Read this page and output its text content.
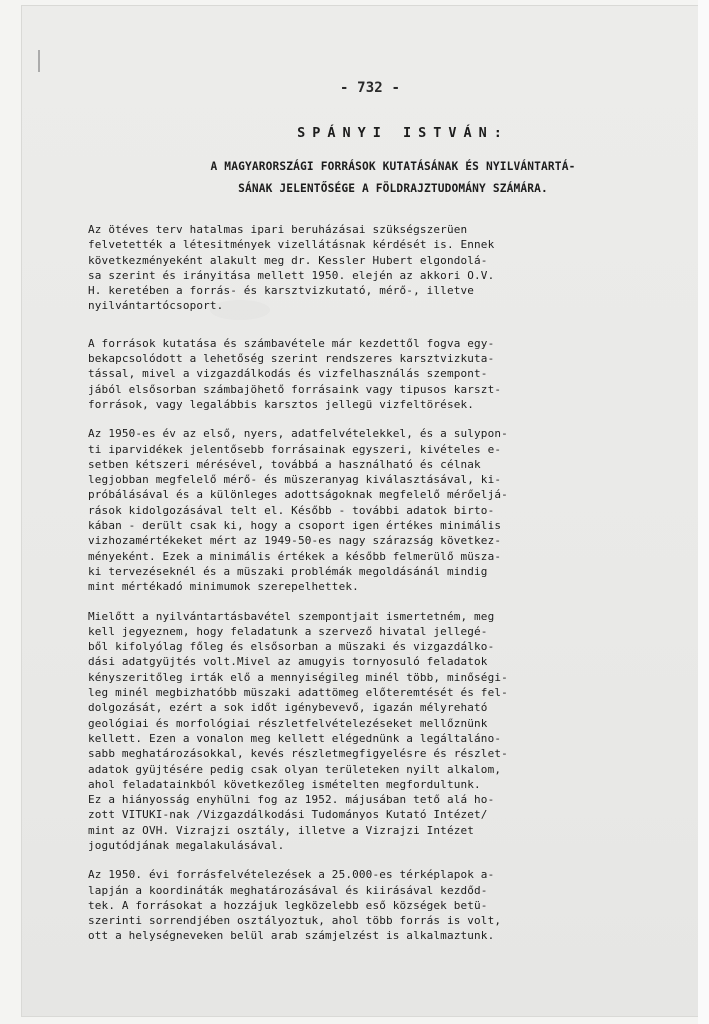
- 732 -
SPÁNYI ISTVÁN:
A MAGYARORSZÁGI FORRÁSOK KUTATÁSÁNAK ÉS NYILVÁNTARTÁ-
SÁNAK JELENTŐSÉGE A FÖLDRAJZTUDOMÁNY SZÁMÁRA.

Az ötéves terv hatalmas ipari beruházásai szükségszerüen
felvetették a létesitmények vizellátásnak kérdését is. Ennek
következményeként alakult meg dr. Kessler Hubert elgondolá-
sa szerint és irányitása mellett 1950. elején az akkori O.V.
H. keretében a forrás- és karsztvizkutató, mérő-, illetve
nyilvántartócsoport.

A források kutatása és számbavétele már kezdettől fogva egy-
bekapcsolódott a lehetőség szerint rendszeres karsztvizkuta-
tással, mivel a vizgazdálkodás és vizfelhasználás szempont-
jából elsősorban számbajöhető forrásaink vagy tipusos karszt-
források, vagy legalábbis karsztos jellegü vizfeltörések.

Az 1950-es év az első, nyers, adatfelvételekkel, és a sulypon-
ti iparvidékek jelentősebb forrásainak egyszeri, kivételes e-
setben kétszeri mérésével, továbbá a használható és célnak
legjobban megfelelő mérő- és müszeranyag kiválasztásával, ki-
próbálásával és a különleges adottságoknak megfelelő mérőeljá-
rások kidolgozásával telt el. Később - további adatok birto-
kában - derült csak ki, hogy a csoport igen értékes minimális
vizhozamértékeket mért az 1949-50-es nagy szárazság következ-
ményeként. Ezek a minimális értékek a később felmerülő müsza-
ki tervezéseknél és a müszaki problémák megoldásánál mindig
mint mértékadó minimumok szerepelhettek.

Mielőtt a nyilvántartásbavétel szempontjait ismertetném, meg
kell jegyeznem, hogy feladatunk a szervező hivatal jellegé-
ből kifolyólag főleg és elsősorban a müszaki és vizgazdálko-
dási adatgyüjtés volt.Mivel az amugyis tornyosuló feladatok
kényszeritőleg irták elő a mennyiségileg minél több, minőségi-
leg minél megbizhatóbb müszaki adattömeg előteremtését és fel-
dolgozását, ezért a sok időt igénybevevő, igazán mélyreható
geológiai és morfológiai részletfelvételezéseket mellőznünk
kellett. Ezen a vonalon meg kellett elégednünk a legáltaláno-
sabb meghatározásokkal, kevés részletmegfigyelésre és részlet-
adatok gyüjtésére pedig csak olyan területeken nyilt alkalom,
ahol feladatainkból következőleg ismételten megfordultunk.
Ez a hiányosság enyhülni fog az 1952. májusában tető alá ho-
zott VITUKI-nak /Vizgazdálkodási Tudományos Kutató Intézet/
mint az OVH. Vizrajzi osztály, illetve a Vizrajzi Intézet
jogutódjának megalakulásával.

Az 1950. évi forrásfelvételezések a 25.000-es térképlapok a-
lapján a koordináták meghatározásával és kiirásával kezdőd-
tek. A forrásokat a hozzájuk legközelebb eső községek betü-
szerinti sorrendjében osztályoztuk, ahol több forrás is volt,
ott a helységneveken belül arab számjelzést is alkalmaztunk.
